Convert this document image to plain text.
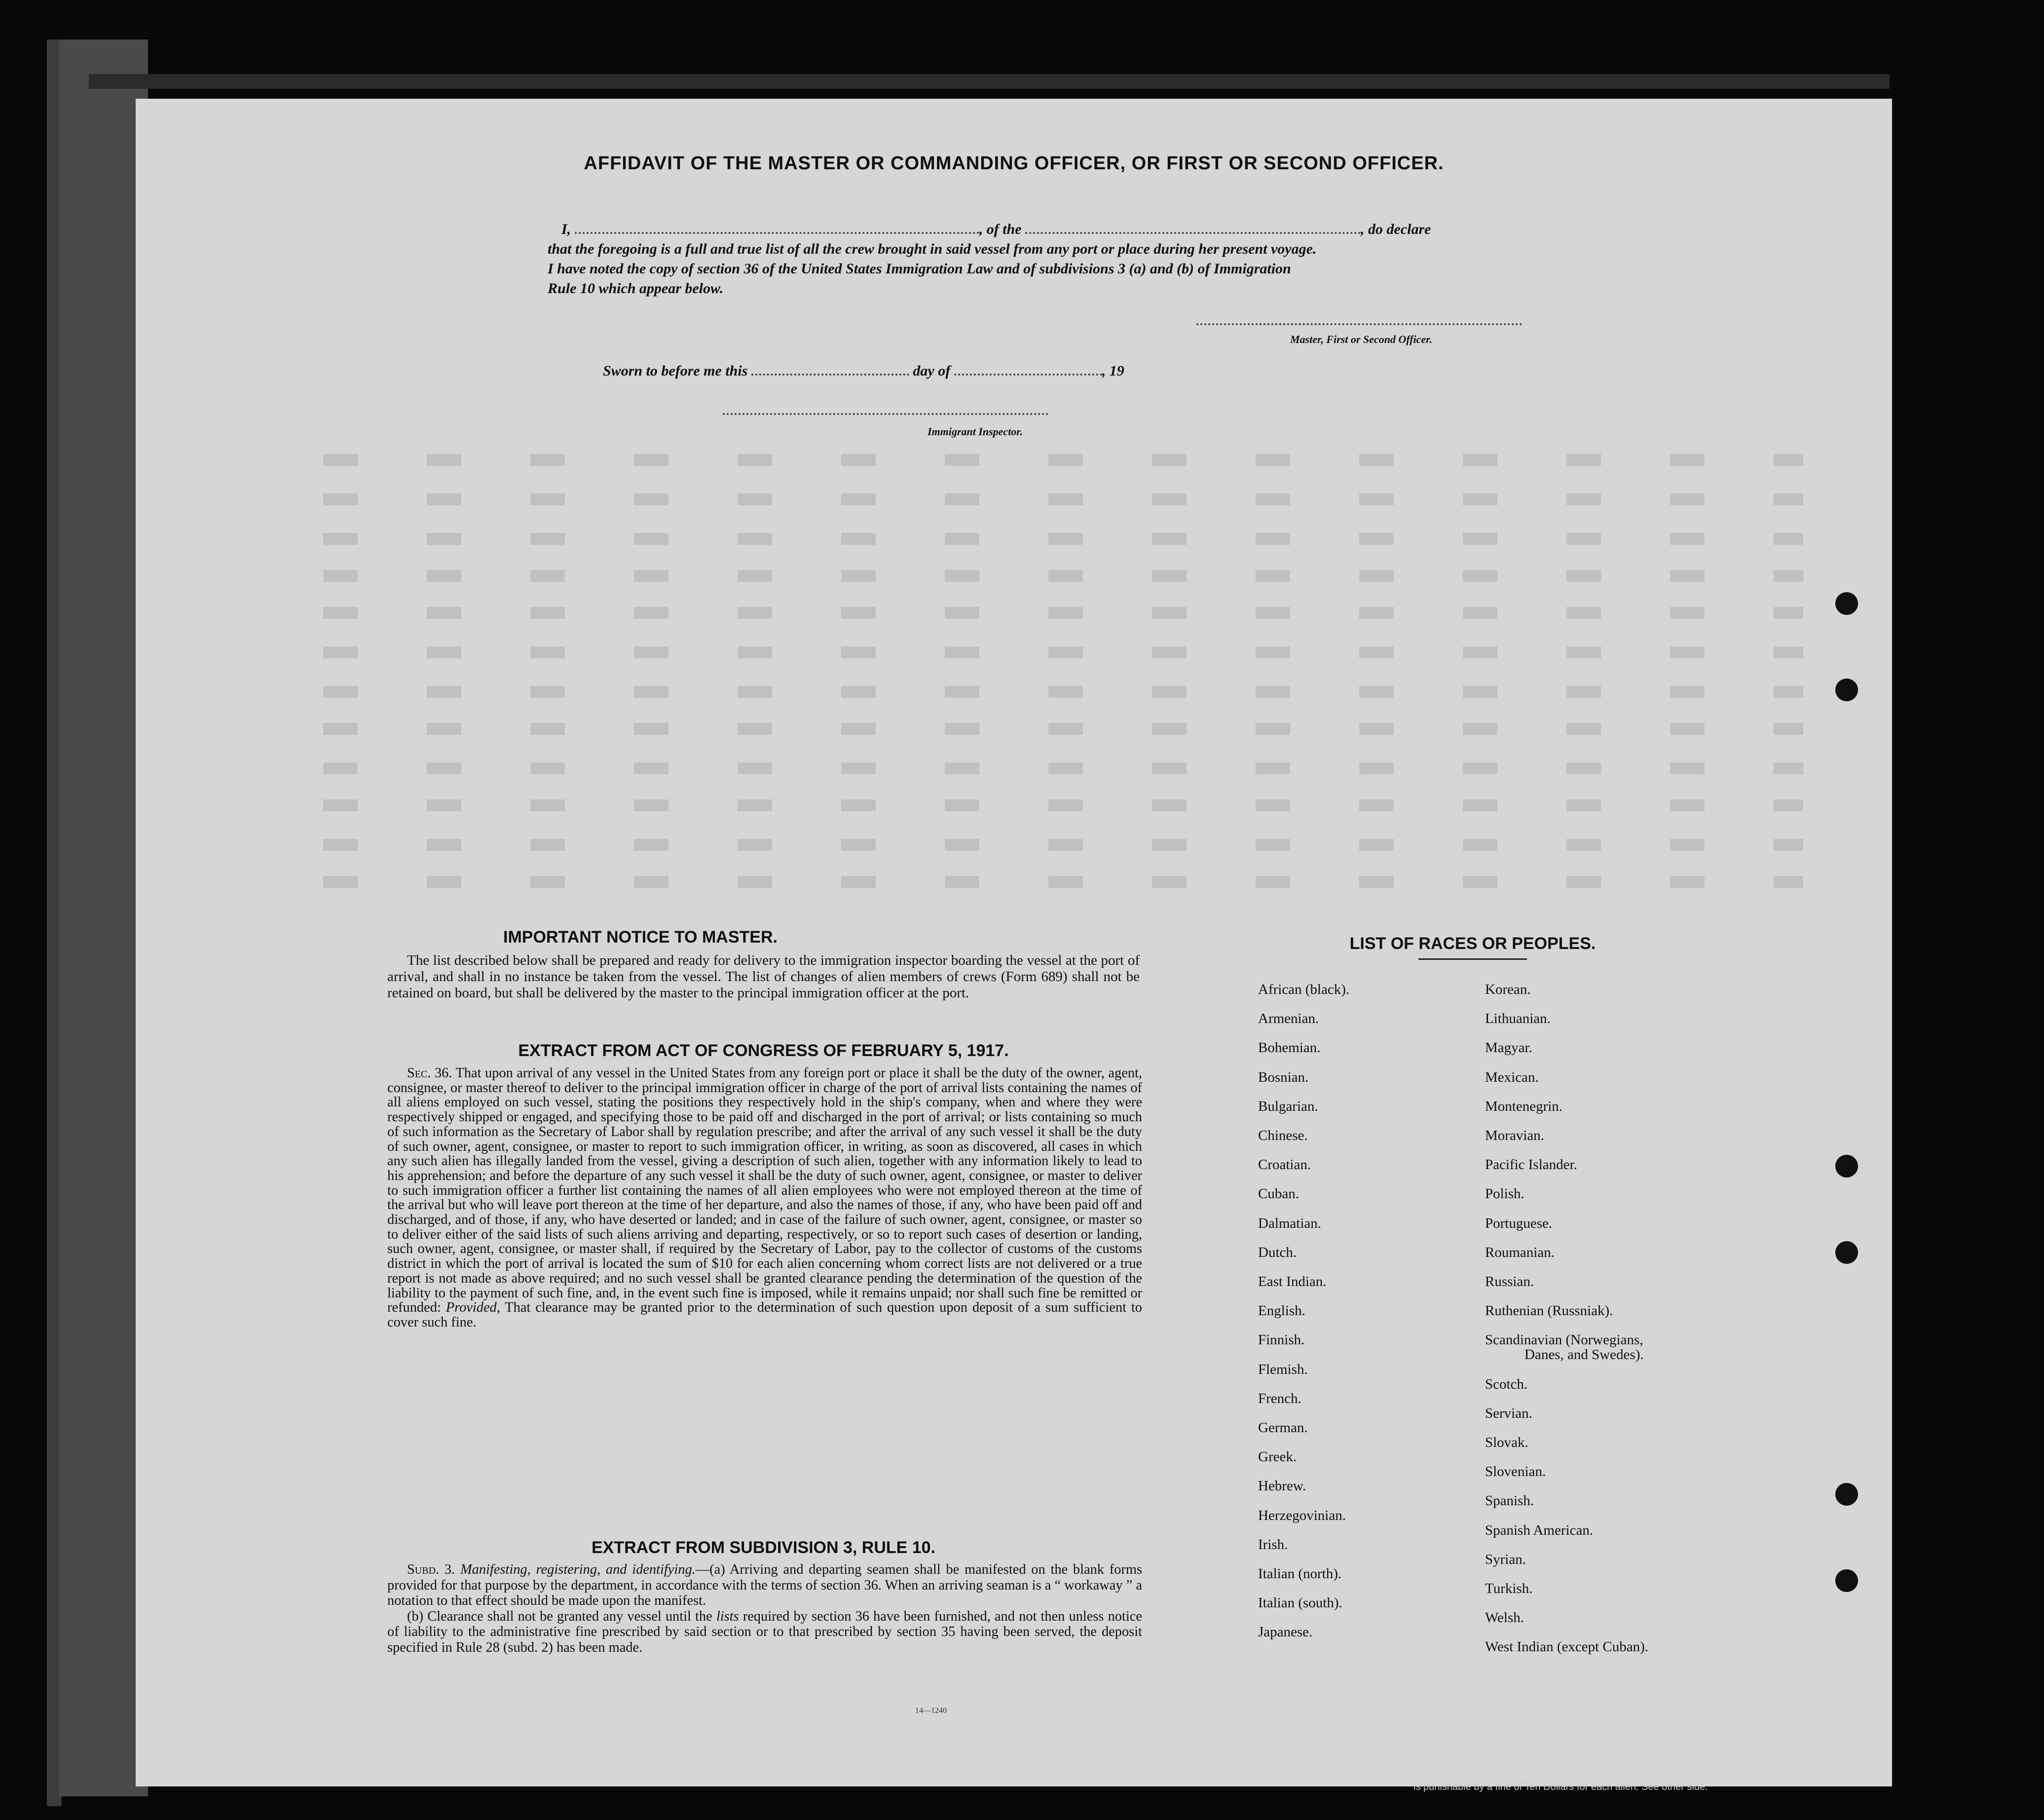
AFFIDAVIT OF THE MASTER OR COMMANDING OFFICER, OR FIRST OR SECOND OFFICER.
I,	, of the	, do declare
that the foregoing is a full and true list of all the crew brought in said vessel from any port or place during her present voyage.
I have noted the copy of section 36 of the United States Immigration Law and of subdivisions 3 (a) and (b) of Immigration
Rule 10 which appear below.
Master, First or Second Officer.
Sworn to before me this	day of	, 19
Immigrant Inspector.
IMPORTANT NOTICE TO MASTER.
The list described below shall be prepared and ready for delivery to the immigration inspector boarding the vessel at the port of arrival, and shall in no instance be taken from the vessel. The list of changes of alien members of crews (Form 689) shall not be retained on board, but shall be delivered by the master to the principal immigration officer at the port.
EXTRACT FROM ACT OF CONGRESS OF FEBRUARY 5, 1917.
Sec. 36. That upon arrival of any vessel in the United States from any foreign port or place it shall be the duty of the owner, agent, consignee, or master thereof to deliver to the principal immigration officer in charge of the port of arrival lists containing the names of all aliens employed on such vessel, stating the positions they respectively hold in the ship's company, when and where they were respectively shipped or engaged, and specifying those to be paid off and discharged in the port of arrival; or lists containing so much of such information as the Secretary of Labor shall by regulation prescribe; and after the arrival of any such vessel it shall be the duty of such owner, agent, consignee, or master to report to such immigration officer, in writing, as soon as discovered, all cases in which any such alien has illegally landed from the vessel, giving a description of such alien, together with any information likely to lead to his apprehension; and before the departure of any such vessel it shall be the duty of such owner, agent, consignee, or master to deliver to such immigration officer a further list containing the names of all alien employees who were not employed thereon at the time of the arrival but who will leave port thereon at the time of her departure, and also the names of those, if any, who have been paid off and discharged, and of those, if any, who have deserted or landed; and in case of the failure of such owner, agent, consignee, or master so to deliver either of the said lists of such aliens arriving and departing, respectively, or so to report such cases of desertion or landing, such owner, agent, consignee, or master shall, if required by the Secretary of Labor, pay to the collector of customs of the customs district in which the port of arrival is located the sum of $10 for each alien concerning whom correct lists are not delivered or a true report is not made as above required; and no such vessel shall be granted clearance pending the determination of the question of the liability to the payment of such fine, and, in the event such fine is imposed, while it remains unpaid; nor shall such fine be remitted or refunded: Provided, That clearance may be granted prior to the determination of such question upon deposit of a sum sufficient to cover such fine.
EXTRACT FROM SUBDIVISION 3, RULE 10.
Subd. 3. Manifesting, registering, and identifying.—(a) Arriving and departing seamen shall be manifested on the blank forms provided for that purpose by the department, in accordance with the terms of section 36. When an arriving seaman is a “ workaway ” a notation to that effect should be made upon the manifest.
(b) Clearance shall not be granted any vessel until the lists required by section 36 have been furnished, and not then unless notice of liability to the administrative fine prescribed by said section or to that prescribed by section 35 having been served, the deposit specified in Rule 28 (subd. 2) has been made.
14—1240
LIST OF RACES OR PEOPLES.
African (black).
Armenian.
Bohemian.
Bosnian.
Bulgarian.
Chinese.
Croatian.
Cuban.
Dalmatian.
Dutch.
East Indian.
English.
Finnish.
Flemish.
French.
German.
Greek.
Hebrew.
Herzegovinian.
Irish.
Italian (north).
Italian (south).
Japanese.
Korean.
Lithuanian.
Magyar.
Mexican.
Montenegrin.
Moravian.
Pacific Islander.
Polish.
Portuguese.
Roumanian.
Russian.
Ruthenian (Russniak).
Scandinavian (Norwegians,
Danes, and Swedes).
Scotch.
Servian.
Slovak.
Slovenian.
Spanish.
Spanish American.
Syrian.
Turkish.
Welsh.
West Indian (except Cuban).
is punishable by a fine of Ten Dollars for each alien. See other side.
